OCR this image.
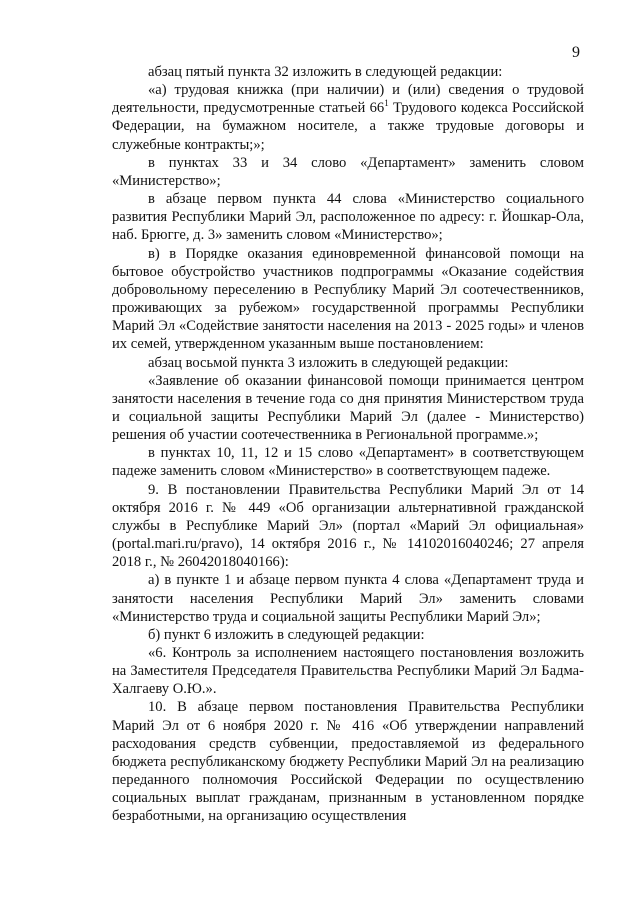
9

абзац пятый пункта 32 изложить в следующей редакции:

«а) трудовая книжка (при наличии) и (или) сведения о трудовой деятельности, предусмотренные статьей $66^1$ Трудового кодекса Российской Федерации, на бумажном носителе, а также трудовые договоры и служебные контракты;»;

в пунктах 33 и 34 слово «Департамент» заменить словом «Министерство»;

в абзаце первом пункта 44 слова «Министерство социального развития Республики Марий Эл, расположенное по адресу: г. Йошкар-Ола, наб. Брюгге, д. 3» заменить словом «Министерство»;

в) в Порядке оказания единовременной финансовой помощи на бытовое обустройство участников подпрограммы «Оказание содействия добровольному переселению в Республику Марий Эл соотечественников, проживающих за рубежом» государственной программы Республики Марий Эл «Содействие занятости населения на 2013 - 2025 годы» и членов их семей, утвержденном указанным выше постановлением:

абзац восьмой пункта 3 изложить в следующей редакции:

«Заявление об оказании финансовой помощи принимается центром занятости населения в течение года со дня принятия Министерством труда и социальной защиты Республики Марий Эл (далее - Министерство) решения об участии соотечественника в Региональной программе.»;

в пунктах 10, 11, 12 и 15 слово «Департамент» в соответствующем падеже заменить словом «Министерство» в соответствующем падеже.

9. В постановлении Правительства Республики Марий Эл от 14 октября 2016 г. № 449 «Об организации альтернативной гражданской службы в Республике Марий Эл» (портал «Марий Эл официальная» (portal.mari.ru/pravo), 14 октября 2016 г., № 14102016040246; 27 апреля 2018 г., № 26042018040166):

а) в пункте 1 и абзаце первом пункта 4 слова «Департамент труда и занятости населения Республики Марий Эл» заменить словами «Министерство труда и социальной защиты Республики Марий Эл»;

б) пункт 6 изложить в следующей редакции:

«6. Контроль за исполнением настоящего постановления возложить на Заместителя Председателя Правительства Республики Марий Эл Бадма-Халгаеву О.Ю.».

10. В абзаце первом постановления Правительства Республики Марий Эл от 6 ноября 2020 г. № 416 «Об утверждении направлений расходования средств субвенции, предоставляемой из федерального бюджета республиканскому бюджету Республики Марий Эл на реализацию переданного полномочия Российской Федерации по осуществлению социальных выплат гражданам, признанным в установленном порядке безработными, на организацию осуществления
